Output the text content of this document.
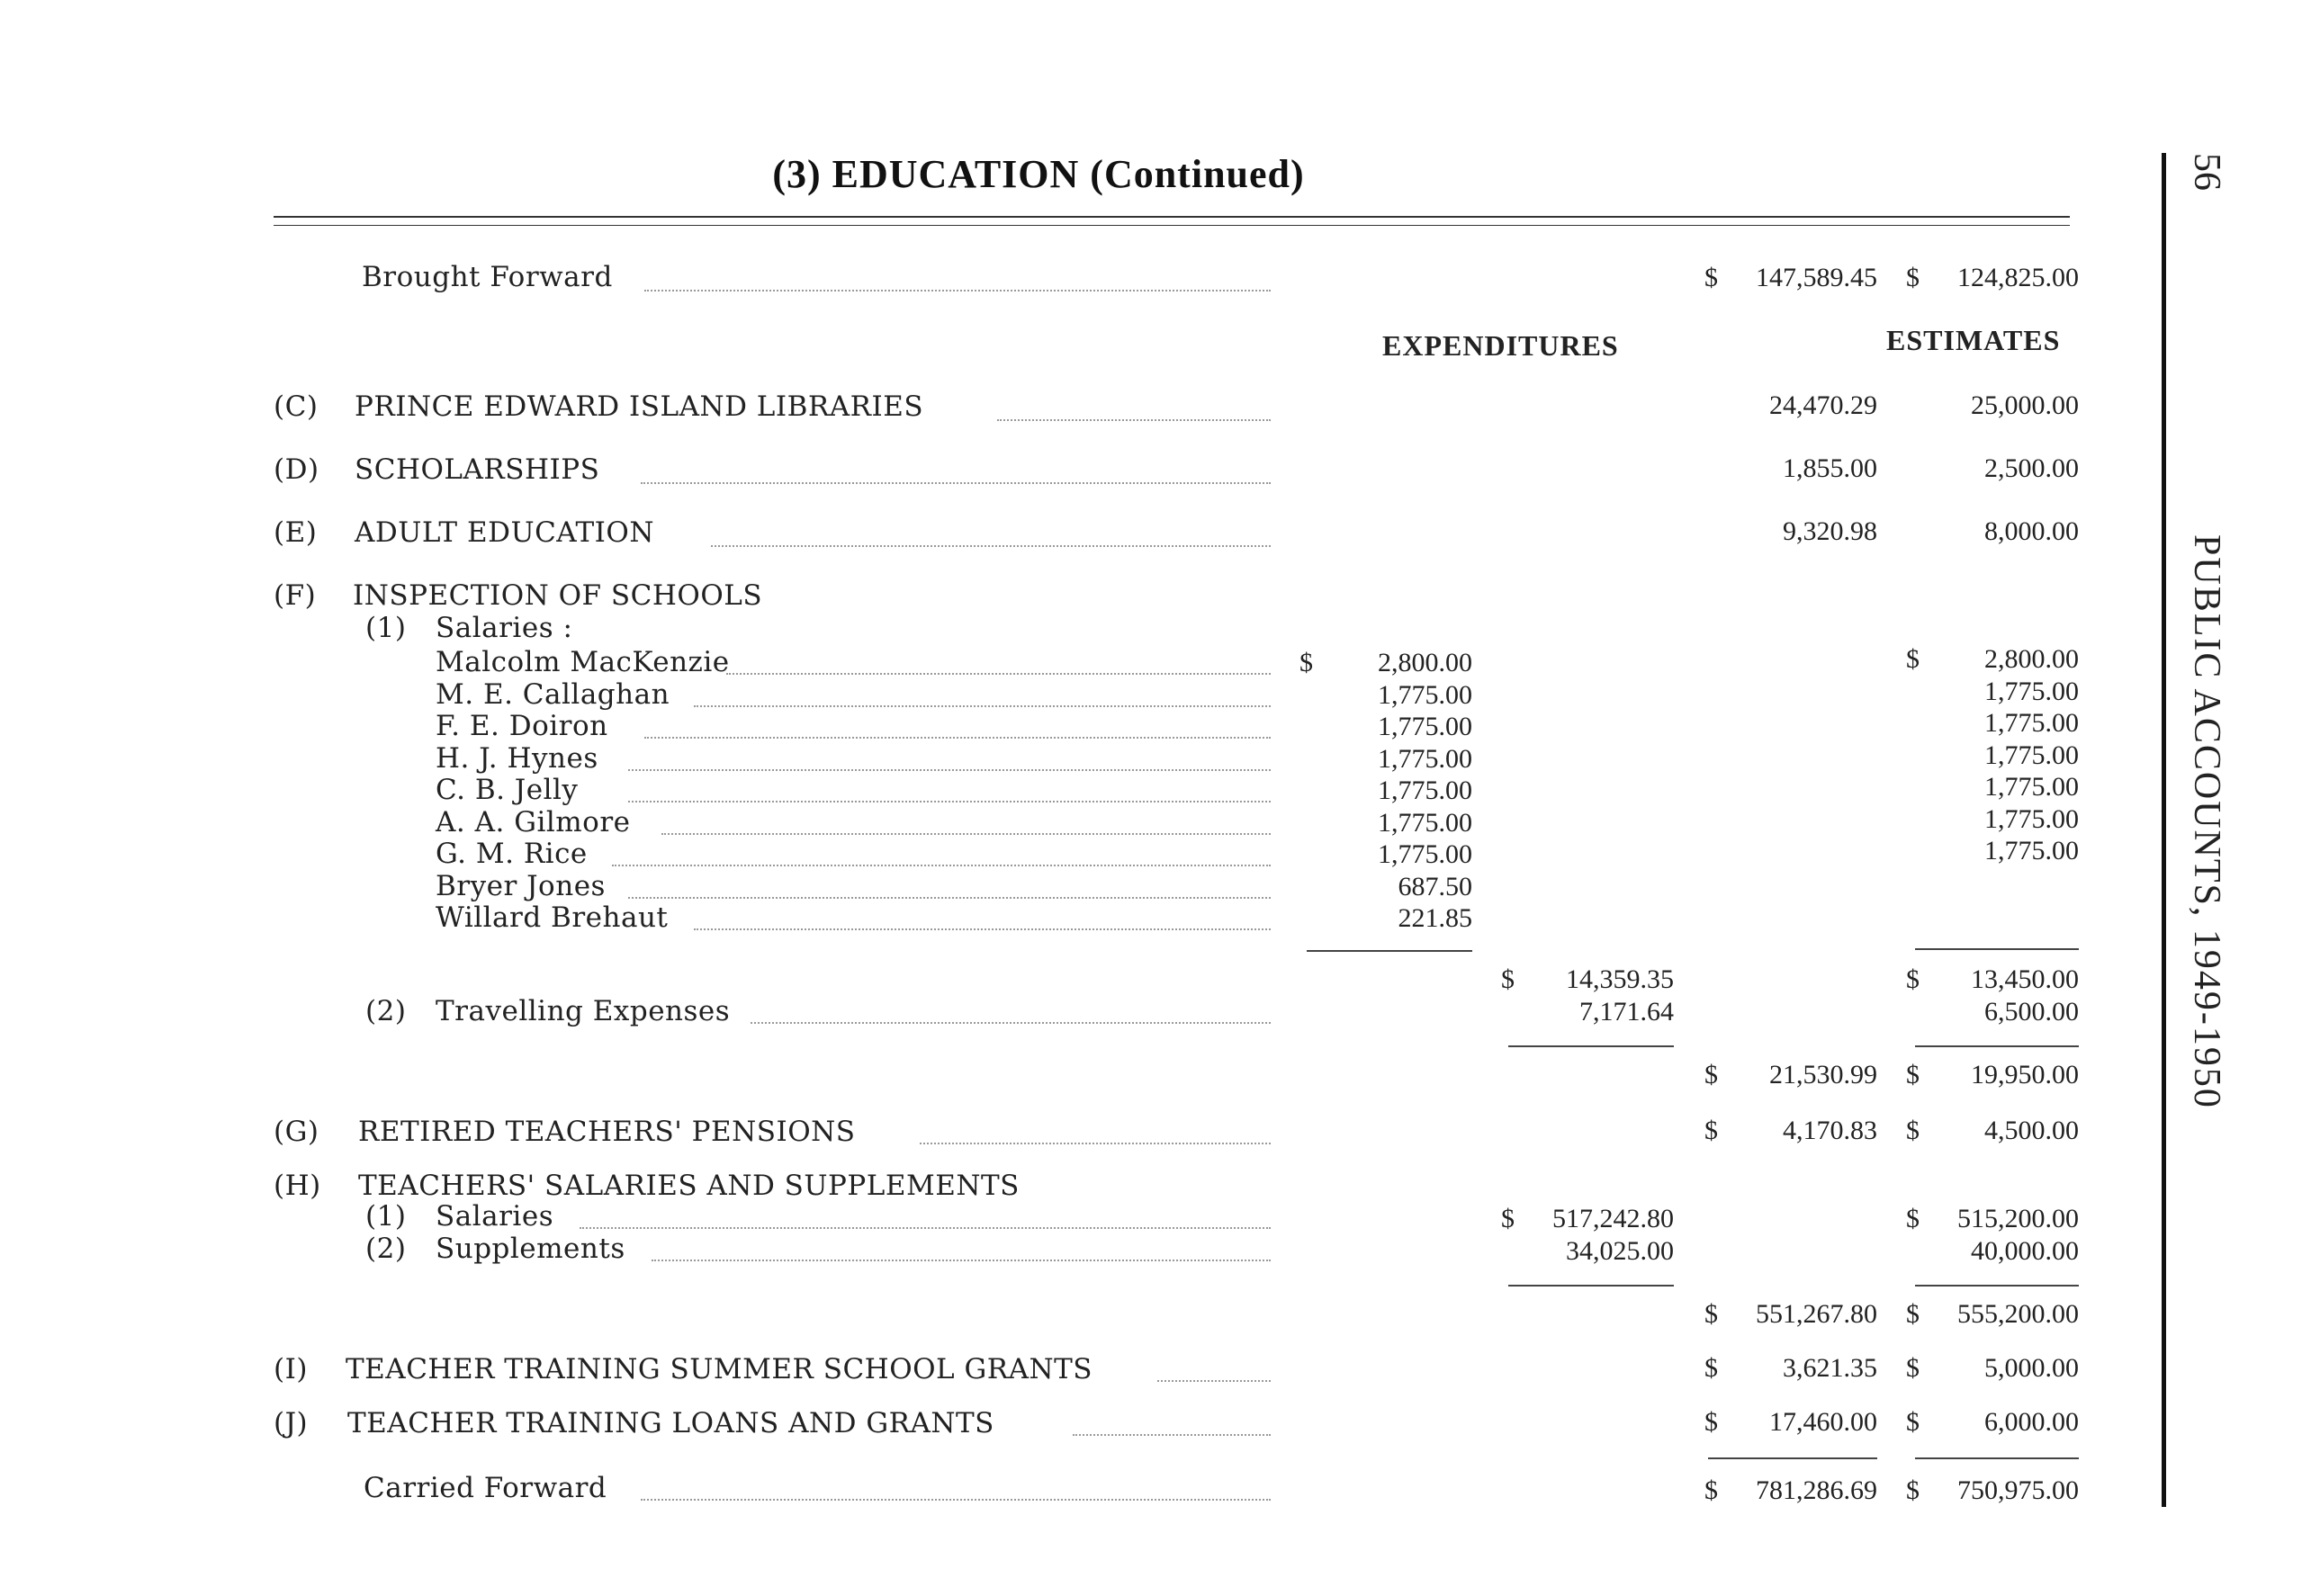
(3) EDUCATION (Continued)	56
PUBLIC ACCOUNTS, 1949-1950
Brought Forward	$	147,589.45 $	124,825.00
EXPENDITURES	ESTIMATES
(C) PRINCE EDWARD ISLAND LIBRARIES	24,470.29	25,000.00
(D) SCHOLARSHIPS	1,855.00	2,500.00
(E) ADULT EDUCATION	9,320.98	8,000.00
(F) INSPECTION OF SCHOOLS
(1) Salaries :
$	$
Malcolm MacKenzie	2,800.00	2,800.00
M. E. Callaghan	1,775.00	1,775.00
F. E. Doiron	1,775.00	1,775.00
H. J. Hynes	1,775.00	1,775.00
C. B. Jelly	1,775.00	1,775.00
A. A. Gilmore	1,775.00	1,775.00
G. M. Rice	1,775.00	1,775.00
Bryer Jones	687.50
Willard Brehaut	221.85
$	14,359.35	$	13,450.00
(2) Travelling Expenses	7,171.64	6,500.00
$	21,530.99 $	19,950.00
(G) RETIRED TEACHERS' PENSIONS	$	4,170.83 $	4,500.00
(H) TEACHERS' SALARIES AND SUPPLEMENTS
(1) Salaries	$	517,242.80	$	515,200.00
(2) Supplements	34,025.00	40,000.00
$	551,267.80 $	555,200.00
(I) TEACHER TRAINING SUMMER SCHOOL GRANTS	$	3,621.35 $	5,000.00
(J) TEACHER TRAINING LOANS AND GRANTS	$	17,460.00 $	6,000.00
Carried Forward	$	781,286.69 $	750,975.00
